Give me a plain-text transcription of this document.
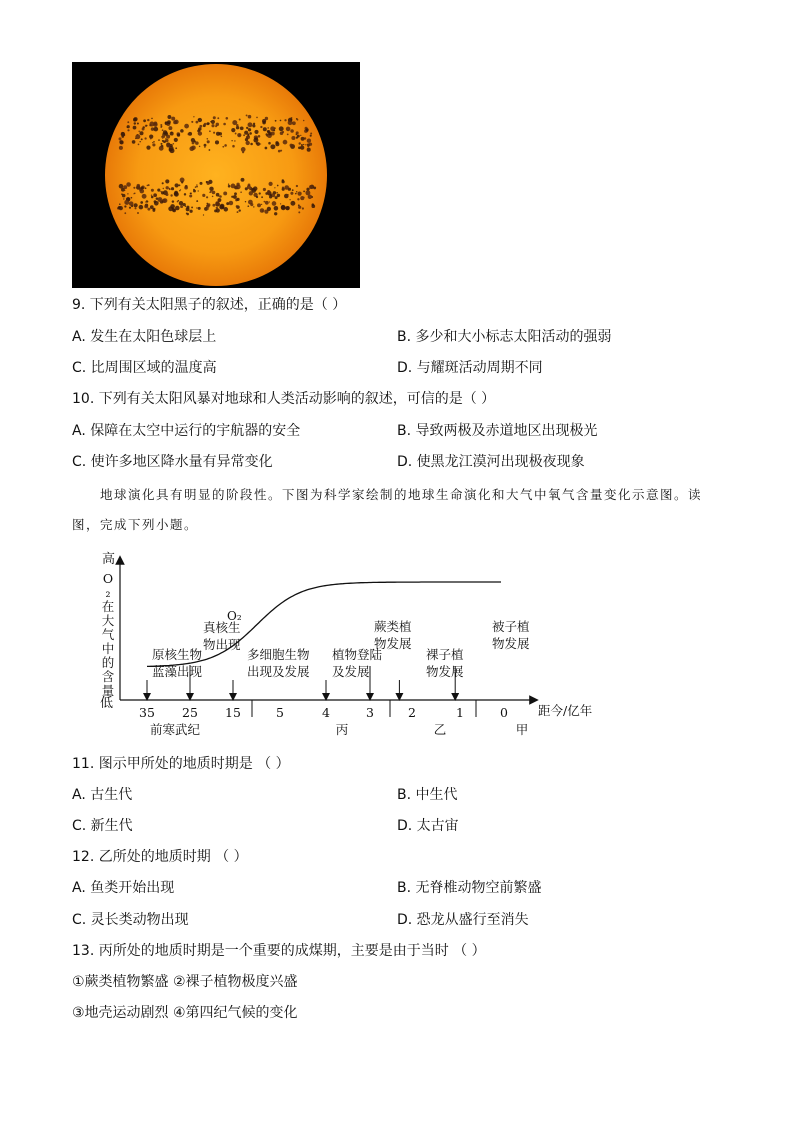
9. 下列有关太阳黑子的叙述，正确的是（ ）
A. 发生在太阳色球层上	B. 多少和大小标志太阳活动的强弱
C. 比周围区域的温度高	D. 与耀斑活动周期不同
10. 下列有关太阳风暴对地球和人类活动影响的叙述，可信的是（ ）
A. 保障在太空中运行的宇航器的安全	B. 导致两极及赤道地区出现极光
C. 使许多地区降水量有异常变化	D. 使黑龙江漠河出现极夜现象
地球演化具有明显的阶段性。下图为科学家绘制的地球生命演化和大气中氧气含量变化示意图。读
图，完成下列小题。
高
低
O
₂
在
大
气
中
的
含
量
O₂
35 25 15	5	4	3	2	1	0
原核生物
蓝藻出现
真核生
物出现
多细胞生物
出现及发展
植物登陆
及发展
蕨类植
物发展
裸子植
物发展
被子植
物发展
前寒武纪	丙	乙	甲
距今/亿年
11. 图示甲所处的地质时期是 （ ）
A. 古生代	B. 中生代
C. 新生代	D. 太古宙
12. 乙所处的地质时期 （ ）
A. 鱼类开始出现	B. 无脊椎动物空前繁盛
C. 灵长类动物出现	D. 恐龙从盛行至消失
13. 丙所处的地质时期是一个重要的成煤期，主要是由于当时 （ ）
①蕨类植物繁盛 ②裸子植物极度兴盛
③地壳运动剧烈 ④第四纪气候的变化
